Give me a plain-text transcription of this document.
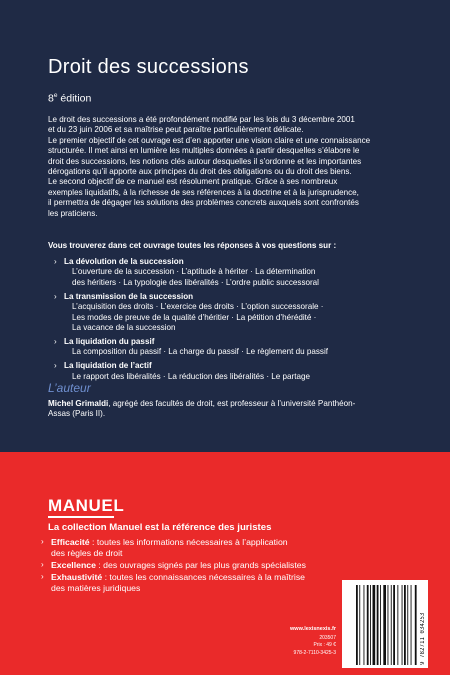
Droit des successions
8e édition

Le droit des successions a été profondément modifié par les lois du 3 décembre 2001

et du 23 juin 2006 et sa maîtrise peut paraître particulièrement délicate.

Le premier objectif de cet ouvrage est d’en apporter une vision claire et une connaissance

structurée. Il met ainsi en lumière les multiples données à partir desquelles s’élabore le

droit des successions, les notions clés autour desquelles il s’ordonne et les importantes

dérogations qu’il apporte aux principes du droit des obligations ou du droit des biens.

Le second objectif de ce manuel est résolument pratique. Grâce à ses nombreux

exemples liquidatifs, à la richesse de ses références à la doctrine et à la jurisprudence,

il permettra de dégager les solutions des problèmes concrets auxquels sont confrontés

les praticiens.

Vous trouverez dans cet ouvrage toutes les réponses à vos questions sur :
› La dévolution de la succession
L’ouverture de la succession · L’aptitude à hériter · La détermination
des héritiers · La typologie des libéralités · L’ordre public successoral
› La transmission de la succession
L’acquisition des droits · L’exercice des droits · L’option successorale ·
Les modes de preuve de la qualité d’héritier · La pétition d’hérédité ·
La vacance de la succession
› La liquidation du passif
La composition du passif · La charge du passif · Le règlement du passif
› La liquidation de l’actif
Le rapport des libéralités · La réduction des libéralités · Le partage
L’auteur
Michel Grimaldi, agrégé des facultés de droit, est professeur à l’université Panthéon-
Assas (Paris II).
MANUEL
La collection Manuel est la référence des juristes
› Efficacité : toutes les informations nécessaires à l’application
des règles de droit
› Excellence : des ouvrages signés par les plus grands spécialistes
› Exhaustivité : toutes les connaissances nécessaires à la maîtrise
des matières juridiques
www.lexisnexis.fr
203507
Prix : 49 €
978-2-7110-3425-3	9 782711 034253
